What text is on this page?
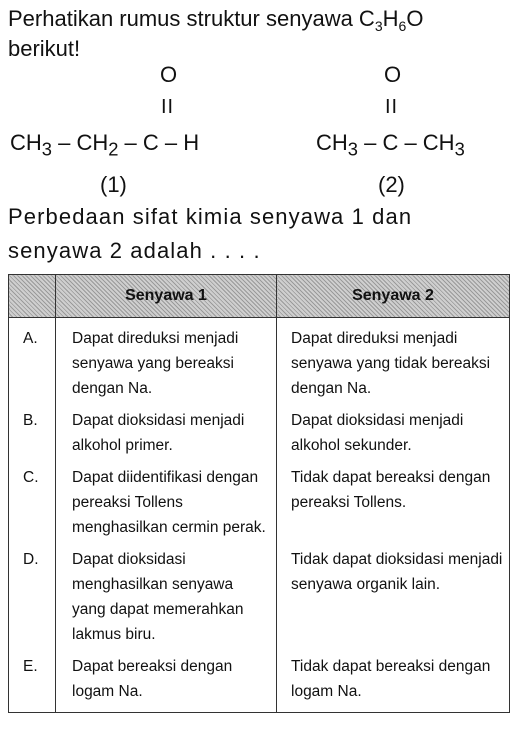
Perhatikan rumus struktur senyawa $C_3H_6O$
berikut!
O
II
$CH_3 - CH_2$ – C – H
(1)
O
II
$CH_3$ – C – $CH_3$
(2)
Perbedaan sifat kimia senyawa 1 dan senyawa 2 adalah . . . .
	Senyawa 1	Senyawa 2
A.	Dapat direduksi menjadi senyawa yang bereaksi dengan Na.	Dapat direduksi menjadi senyawa yang tidak bereaksi dengan Na.
B.	Dapat dioksidasi menjadi alkohol primer.	Dapat dioksidasi menjadi alkohol sekunder.
C.	Dapat diidentifikasi dengan pereaksi Tollens menghasilkan cermin perak.	Tidak dapat bereaksi dengan pereaksi Tollens.
D.	Dapat dioksidasi menghasilkan senyawa yang dapat memerahkan lakmus biru.	Tidak dapat dioksidasi menjadi senyawa organik lain.
E.	Dapat bereaksi dengan logam Na.	Tidak dapat bereaksi dengan logam Na.
